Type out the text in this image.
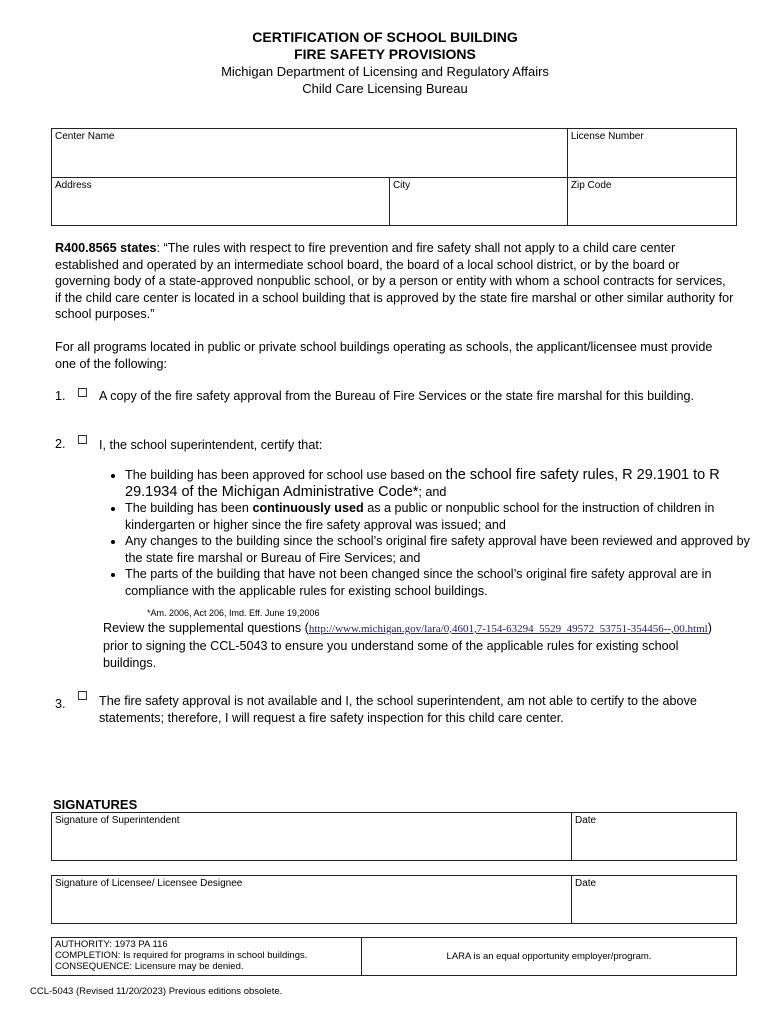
CERTIFICATION OF SCHOOL BUILDING
FIRE SAFETY PROVISIONS
Michigan Department of Licensing and Regulatory Affairs
Child Care Licensing Bureau
Center Name		License Number
Address	City	Zip Code
R400.8565 states: “The rules with respect to fire prevention and fire safety shall not apply to a child care center established and operated by an intermediate school board, the board of a local school district, or by the board or governing body of a state-approved nonpublic school, or by a person or entity with whom a school contracts for services, if the child care center is located in a school building that is approved by the state fire marshal or other similar authority for school purposes.”
For all programs located in public or private school buildings operating as schools, the applicant/licensee must provide one of the following:
1.	A copy of the fire safety approval from the Bureau of Fire Services or the state fire marshal for this building.
2.	I, the school superintendent, certify that:
• The building has been approved for school use based on the school fire safety rules, R 29.1901 to R 29.1934 of the Michigan Administrative Code*; and
• The building has been continuously used as a public or nonpublic school for the instruction of children in kindergarten or higher since the fire safety approval was issued; and
• Any changes to the building since the school’s original fire safety approval have been reviewed and approved by the state fire marshal or Bureau of Fire Services; and
• The parts of the building that have not been changed since the school’s original fire safety approval are in compliance with the applicable rules for existing school buildings.
*Am. 2006, Act 206, Imd. Eff. June 19,2006
Review the supplemental questions (http://www.michigan.gov/lara/0,4601,7-154-63294_5529_49572_53751-354456--,00.html) prior to signing the CCL-5043 to ensure you understand some of the applicable rules for existing school buildings.
3.	The fire safety approval is not available and I, the school superintendent, am not able to certify to the above statements; therefore, I will request a fire safety inspection for this child care center.
SIGNATURES
Signature of Superintendent	Date
Signature of Licensee/ Licensee Designee	Date
AUTHORITY: 1973 PA 116
COMPLETION: Is required for programs in school buildings.
CONSEQUENCE: Licensure may be denied.
	LARA is an equal opportunity employer/program.
CCL-5043 (Revised 11/20/2023) Previous editions obsolete.
